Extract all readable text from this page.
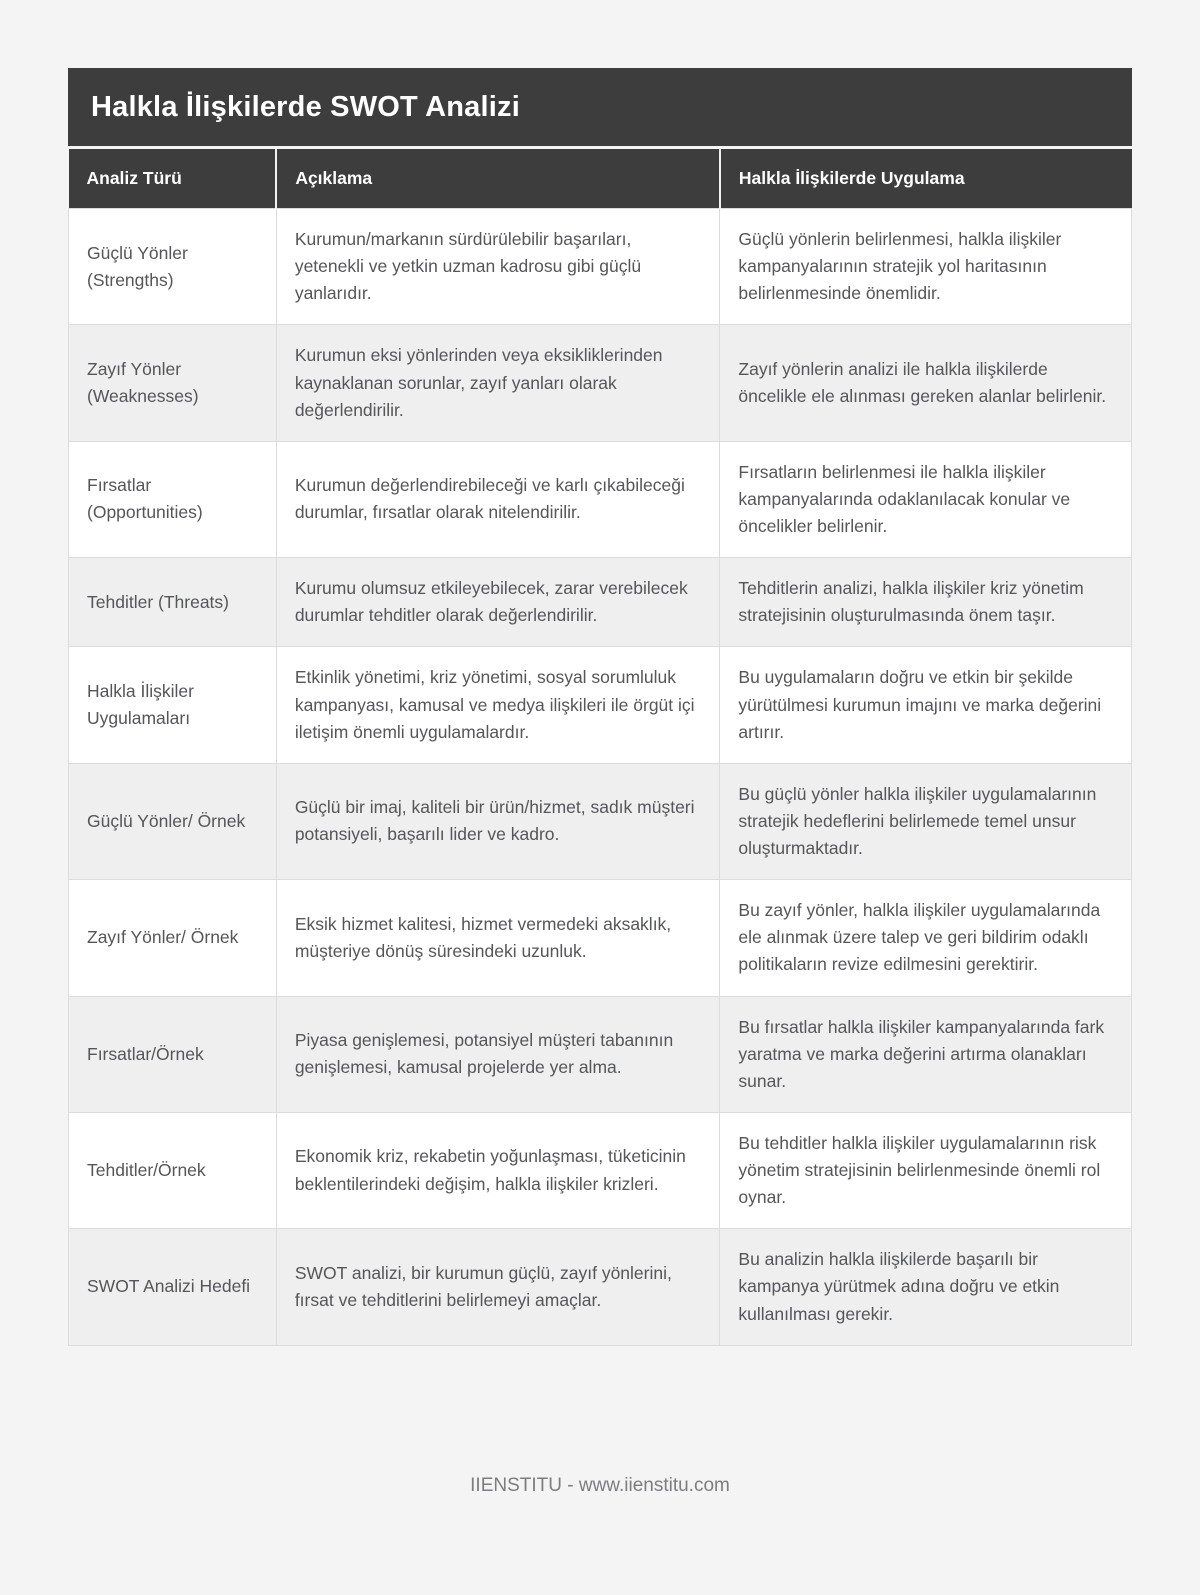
Halkla İlişkilerde SWOT Analizi
Analiz Türü	Açıklama	Halkla İlişkilerde Uygulama
Güçlü Yönler (Strengths)	Kurumun/markanın sürdürülebilir başarıları, yetenekli ve yetkin uzman kadrosu gibi güçlü yanlarıdır.	Güçlü yönlerin belirlenmesi, halkla ilişkiler kampanyalarının stratejik yol haritasının belirlenmesinde önemlidir.
Zayıf Yönler (Weaknesses)	Kurumun eksi yönlerinden veya eksikliklerinden kaynaklanan sorunlar, zayıf yanları olarak değerlendirilir.	Zayıf yönlerin analizi ile halkla ilişkilerde öncelikle ele alınması gereken alanlar belirlenir.
Fırsatlar (Opportunities)	Kurumun değerlendirebileceği ve karlı çıkabileceği durumlar, fırsatlar olarak nitelendirilir.	Fırsatların belirlenmesi ile halkla ilişkiler kampanyalarında odaklanılacak konular ve öncelikler belirlenir.
Tehditler (Threats)	Kurumu olumsuz etkileyebilecek, zarar verebilecek durumlar tehditler olarak değerlendirilir.	Tehditlerin analizi, halkla ilişkiler kriz yönetim stratejisinin oluşturulmasında önem taşır.
Halkla İlişkiler Uygulamaları	Etkinlik yönetimi, kriz yönetimi, sosyal sorumluluk kampanyası, kamusal ve medya ilişkileri ile örgüt içi iletişim önemli uygulamalardır.	Bu uygulamaların doğru ve etkin bir şekilde yürütülmesi kurumun imajını ve marka değerini artırır.
Güçlü Yönler/ Örnek	Güçlü bir imaj, kaliteli bir ürün/hizmet, sadık müşteri potansiyeli, başarılı lider ve kadro.	Bu güçlü yönler halkla ilişkiler uygulamalarının stratejik hedeflerini belirlemede temel unsur oluşturmaktadır.
Zayıf Yönler/ Örnek	Eksik hizmet kalitesi, hizmet vermedeki aksaklık, müşteriye dönüş süresindeki uzunluk.	Bu zayıf yönler, halkla ilişkiler uygulamalarında ele alınmak üzere talep ve geri bildirim odaklı politikaların revize edilmesini gerektirir.
Fırsatlar/Örnek	Piyasa genişlemesi, potansiyel müşteri tabanının genişlemesi, kamusal projelerde yer alma.	Bu fırsatlar halkla ilişkiler kampanyalarında fark yaratma ve marka değerini artırma olanakları sunar.
Tehditler/Örnek	Ekonomik kriz, rekabetin yoğunlaşması, tüketicinin beklentilerindeki değişim, halkla ilişkiler krizleri.	Bu tehditler halkla ilişkiler uygulamalarının risk yönetim stratejisinin belirlenmesinde önemli rol oynar.
SWOT Analizi Hedefi	SWOT analizi, bir kurumun güçlü, zayıf yönlerini, fırsat ve tehditlerini belirlemeyi amaçlar.	Bu analizin halkla ilişkilerde başarılı bir kampanya yürütmek adına doğru ve etkin kullanılması gerekir.
IIENSTITU - www.iienstitu.com
